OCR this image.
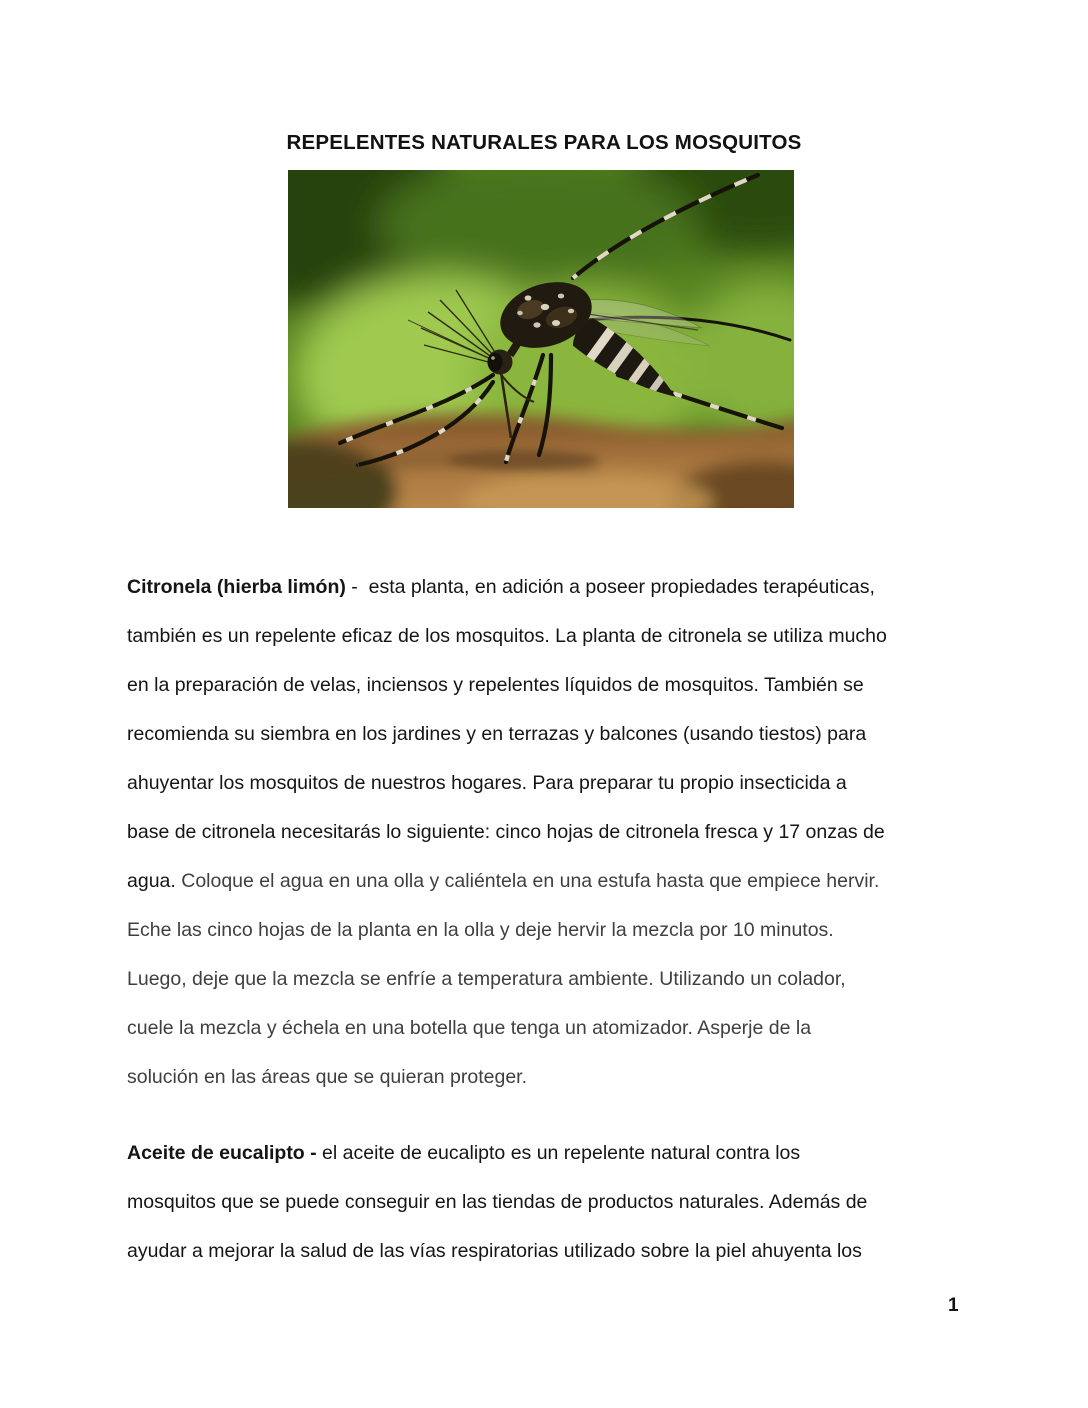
REPELENTES NATURALES PARA LOS MOSQUITOS
Citronela (hierba limón) -  esta planta, en adición a poseer propiedades terapéuticas,
también es un repelente eficaz de los mosquitos. La planta de citronela se utiliza mucho
en la preparación de velas, inciensos y repelentes líquidos de mosquitos. También se
recomienda su siembra en los jardines y en terrazas y balcones (usando tiestos) para
ahuyentar los mosquitos de nuestros hogares. Para preparar tu propio insecticida a
base de citronela necesitarás lo siguiente: cinco hojas de citronela fresca y 17 onzas de
agua. Coloque el agua en una olla y caliéntela en una estufa hasta que empiece hervir.
Eche las cinco hojas de la planta en la olla y deje hervir la mezcla por 10 minutos.
Luego, deje que la mezcla se enfríe a temperatura ambiente. Utilizando un colador,
cuele la mezcla y échela en una botella que tenga un atomizador. Asperje de la
solución en las áreas que se quieran proteger.
Aceite de eucalipto - el aceite de eucalipto es un repelente natural contra los
mosquitos que se puede conseguir en las tiendas de productos naturales. Además de
ayudar a mejorar la salud de las vías respiratorias utilizado sobre la piel ahuyenta los
1
